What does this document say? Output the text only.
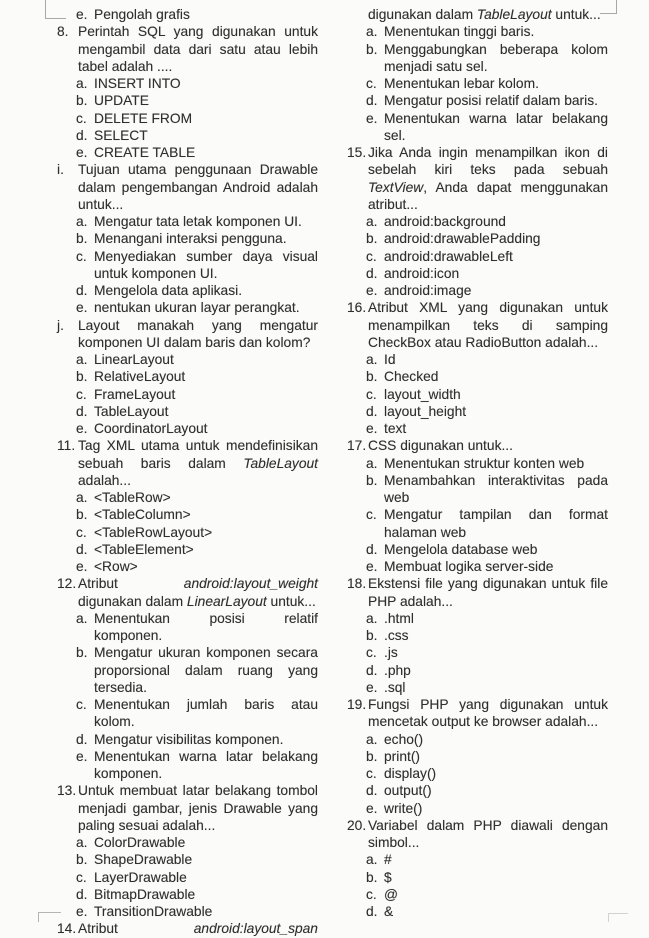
e. Pengolah grafis
8. Perintah SQL yang digunakan untuk mengambil data dari satu atau lebih tabel adalah ....
a. INSERT INTO
b. UPDATE
c. DELETE FROM
d. SELECT
e. CREATE TABLE
i.	Tujuan utama penggunaan Drawable dalam pengembangan Android adalah untuk...
a. Mengatur tata letak komponen UI.
b. Menangani interaksi pengguna.
c. Menyediakan sumber daya visual untuk komponen UI.
d. Mengelola data aplikasi.
e. nentukan ukuran layar perangkat.
j.	Layout manakah yang mengatur komponen UI dalam baris dan kolom?
a. LinearLayout
b. RelativeLayout
c. FrameLayout
d. TableLayout
e. CoordinatorLayout
11. Tag XML utama untuk mendefinisikan sebuah baris dalam TableLayout adalah...
a. <TableRow>
b. <TableColumn>
c. <TableRowLayout>
d. <TableElement>
e. <Row>
12. Atribut android:layout_weight digunakan dalam LinearLayout untuk...
a. Menentukan posisi relatif komponen.
b. Mengatur ukuran komponen secara proporsional dalam ruang yang tersedia.
c. Menentukan jumlah baris atau kolom.
d. Mengatur visibilitas komponen.
e. Menentukan warna latar belakang komponen.
13. Untuk membuat latar belakang tombol menjadi gambar, jenis Drawable yang paling sesuai adalah...
a. ColorDrawable
b. ShapeDrawable
c. LayerDrawable
d. BitmapDrawable
e. TransitionDrawable
14. Atribut android:layout_span
digunakan dalam TableLayout untuk...
a. Menentukan tinggi baris.
b. Menggabungkan beberapa kolom menjadi satu sel.
c. Menentukan lebar kolom.
d. Mengatur posisi relatif dalam baris.
e. Menentukan warna latar belakang sel.
15. Jika Anda ingin menampilkan ikon di sebelah kiri teks pada sebuah TextView, Anda dapat menggunakan atribut...
a. android:background
b. android:drawablePadding
c. android:drawableLeft
d. android:icon
e. android:image
16. Atribut XML yang digunakan untuk menampilkan teks di samping CheckBox atau RadioButton adalah...
a. Id
b. Checked
c. layout_width
d. layout_height
e. text
17. CSS digunakan untuk...
a. Menentukan struktur konten web
b. Menambahkan interaktivitas pada web
c. Mengatur tampilan dan format halaman web
d. Mengelola database web
e. Membuat logika server-side
18. Ekstensi file yang digunakan untuk file PHP adalah...
a. .html
b. .css
c. .js
d. .php
e. .sql
19. Fungsi PHP yang digunakan untuk mencetak output ke browser adalah...
a. echo()
b. print()
c. display()
d. output()
e. write()
20. Variabel dalam PHP diawali dengan simbol...
a. #
b. $
c. @
d. &
